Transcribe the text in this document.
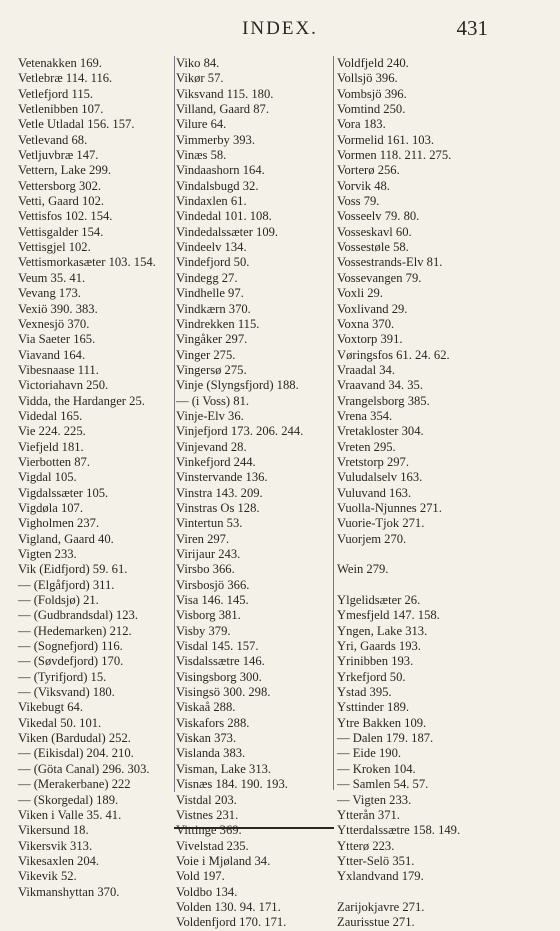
INDEX.	431
Vetenakken 169.
Vetlebræ 114. 116.
Vetlefjord 115.
Vetlenibben 107.
Vetle Utladal 156. 157.
Vetlevand 68.
Vetljuvbræ 147.
Vettern, Lake 299.
Vettersborg 302.
Vetti, Gaard 102.
Vettisfos 102. 154.
Vettisgalder 154.
Vettisgjel 102.
Vettismorkasæter 103. 154.
Veum 35. 41.
Vevang 173.
Vexiö 390. 383.
Vexnesjö 370.
Via Saeter 165.
Viavand 164.
Vibesnaase 111.
Victoriahavn 250.
Vidda, the Hardanger 25.
Videdal 165.
Vie 224. 225.
Viefjeld 181.
Vierbotten 87.
Vigdal 105.
Vigdalssæter 105.
Vigdøla 107.
Vigholmen 237.
Vigland, Gaard 40.
Vigten 233.
Vik (Eidfjord) 59. 61.
— (Elgåfjord) 311.
— (Foldsjø) 21.
— (Gudbrandsdal) 123.
— (Hedemarken) 212.
— (Sognefjord) 116.
— (Søvdefjord) 170.
— (Tyrifjord) 15.
— (Viksvand) 180.
Vikebugt 64.
Vikedal 50. 101.
Viken (Bardudal) 252.
— (Eikisdal) 204. 210.
— (Göta Canal) 296. 303.
— (Merakerbane) 222
— (Skorgedal) 189.
Viken i Valle 35. 41.
Vikersund 18.
Vikersvik 313.
Vikesaxlen 204.
Vikevik 52.
Vikmanshyttan 370.
Viko 84.
Vikør 57.
Viksvand 115. 180.
Villand, Gaard 87.
Vilure 64.
Vimmerby 393.
Vinæs 58.
Vindaashorn 164.
Vindalsbugd 32.
Vindaxlen 61.
Vindedal 101. 108.
Vindedalssæter 109.
Vindeelv 134.
Vindefjord 50.
Vindegg 27.
Vindhelle 97.
Vindkærn 370.
Vindrekken 115.
Vingåker 297.
Vinger 275.
Vingersø 275.
Vinje (Slyngsfjord) 188.
— (i Voss) 81.
Vinje-Elv 36.
Vinjefjord 173. 206. 244.
Vinjevand 28.
Vinkefjord 244.
Vinstervande 136.
Vinstra 143. 209.
Vinstras Os 128.
Vintertun 53.
Viren 297.
Virijaur 243.
Virsbo 366.
Virsbosjö 366.
Visa 146. 145.
Visborg 381.
Visby 379.
Visdal 145. 157.
Visdalssætre 146.
Visingsborg 300.
Visingsö 300. 298.
Viskaå 288.
Viskafors 288.
Viskan 373.
Vislanda 383.
Visman, Lake 313.
Visnæs 184. 190. 193.
Vistdal 203.
Vistnes 231.
Vittinge 369.
Vivelstad 235.
Voie i Mjøland 34.
Vold 197.
Voldbo 134.
Volden 130. 94. 171.
Voldenfjord 170. 171.
Voldfjeld 240.
Vollsjö 396.
Vombsjö 396.
Vomtind 250.
Vora 183.
Vormelid 161. 103.
Vormen 118. 211. 275.
Vorterø 256.
Vorvik 48.
Voss 79.
Vosseelv 79. 80.
Vosseskavl 60.
Vossestøle 58.
Vossestrands-Elv 81.
Vossevangen 79.
Voxli 29.
Voxlivand 29.
Voxna 370.
Voxtorp 391.
Vøringsfos 61. 24. 62.
Vraadal 34.
Vraavand 34. 35.
Vrangelsborg 385.
Vrena 354.
Vretakloster 304.
Vreten 295.
Vretstorp 297.
Vuludalselv 163.
Vuluvand 163.
Vuolla-Njunnes 271.
Vuorie-Tjok 271.
Vuorjem 270.

Wein 279.

Ylgelidsæter 26.
Ymesfjeld 147. 158.
Yngen, Lake 313.
Yri, Gaards 193.
Yrinibben 193.
Yrkefjord 50.
Ystad 395.
Ysttinder 189.
Ytre Bakken 109.
— Dalen 179. 187.
— Eide 190.
— Kroken 104.
— Samlen 54. 57.
— Vigten 233.
Ytterån 371.
Ytterdalssætre 158. 149.
Ytterø 223.
Ytter-Selö 351.
Yxlandvand 179.

Zarijokjavre 271.
Zaurisstue 271.
